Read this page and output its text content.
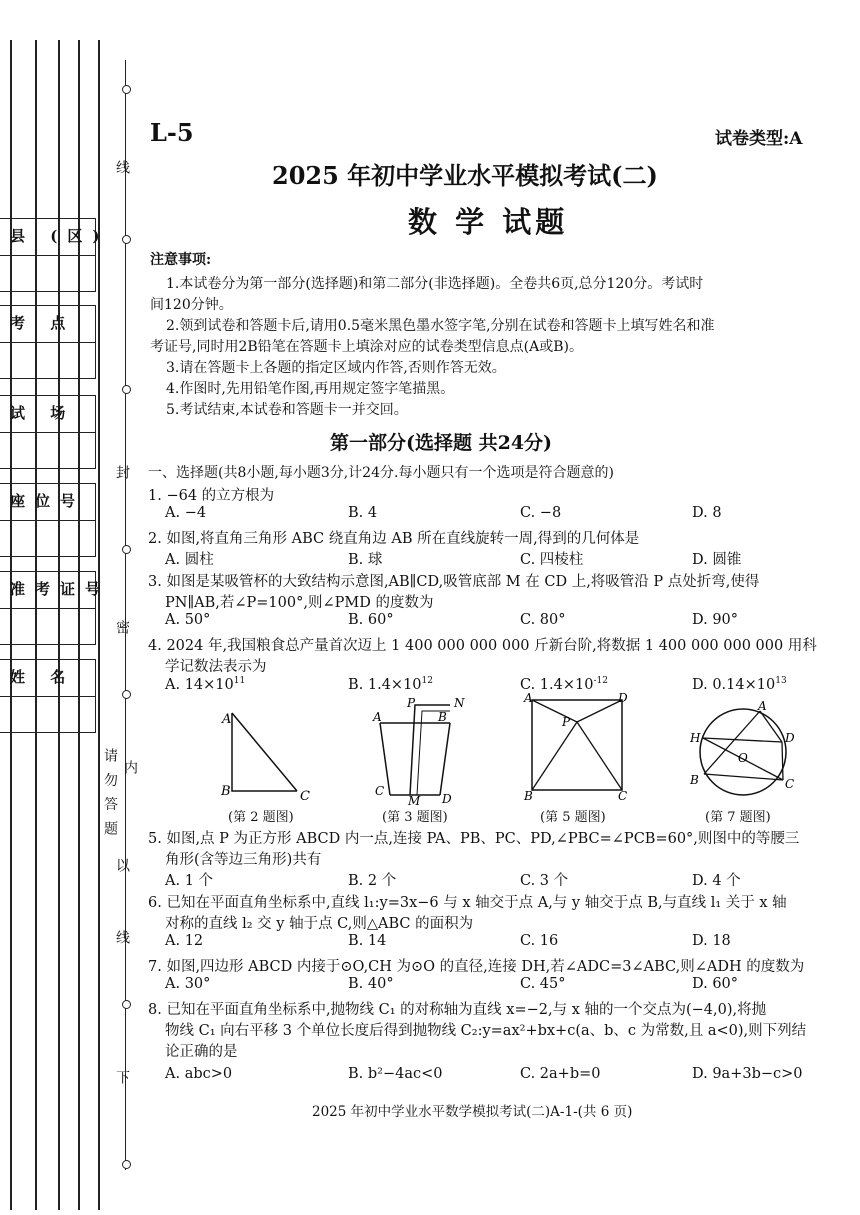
县 (区)
考 点
试 场
座位号
准考证号
姓 名
线
封
密
请 勿 答 题 内
以
线
下
L-5	试卷类型:A
2025 年初中学业水平模拟考试(二)
数 学 试题
注意事项:
1.本试卷分为第一部分(选择题)和第二部分(非选择题)。全卷共6页,总分120分。考试时
间120分钟。
2.领到试卷和答题卡后,请用0.5毫米黑色墨水签字笔,分别在试卷和答题卡上填写姓名和准
考证号,同时用2B铅笔在答题卡上填涂对应的试卷类型信息点(A或B)。
3.请在答题卡上各题的指定区域内作答,否则作答无效。
4.作图时,先用铅笔作图,再用规定签字笔描黑。
5.考试结束,本试卷和答题卡一并交回。
第一部分(选择题 共24分)
一、选择题(共8小题,每小题3分,计24分.每小题只有一个选项是符合题意的)
1. −64 的立方根为
A. −4	B. 4	C. −8	D. 8
2. 如图,将直角三角形 ABC 绕直角边 AB 所在直线旋转一周,得到的几何体是
A. 圆柱	B. 球	C. 四棱柱	D. 圆锥
3. 如图是某吸管杯的大致结构示意图,AB∥CD,吸管底部 M 在 CD 上,将吸管沿 P 点处折弯,使得
PN∥AB,若∠P=100°,则∠PMD 的度数为
A. 50°	B. 60°	C. 80°	D. 90°
4. 2024 年,我国粮食总产量首次迈上 1 400 000 000 000 斤新台阶,将数据 1 400 000 000 000 用科
学记数法表示为
A. $14\times 10^{11}$	B. $1.4\times 10^{12}$	C. $1.4\times 10^{-12}$	D. $0.14\times 10^{13}$
A
B	C
(第 2 题图)
A
P
B
N
C
M D
(第 3 题图)
A	D
P
B	C
(第 5 题图)
A
H	D
O
B	C
(第 7 题图)
5. 如图,点 P 为正方形 ABCD 内一点,连接 PA、PB、PC、PD,∠PBC=∠PCB=60°,则图中的等腰三
角形(含等边三角形)共有
A. 1 个	B. 2 个	C. 3 个	D. 4 个
6. 已知在平面直角坐标系中,直线 l₁:y=3x−6 与 x 轴交于点 A,与 y 轴交于点 B,与直线 l₁ 关于 x 轴
对称的直线 l₂ 交 y 轴于点 C,则△ABC 的面积为
A. 12	B. 14	C. 16	D. 18
7. 如图,四边形 ABCD 内接于⊙O,CH 为⊙O 的直径,连接 DH,若∠ADC=3∠ABC,则∠ADH 的度数为
A. 30°	B. 40°	C. 45°	D. 60°
8. 已知在平面直角坐标系中,抛物线 C₁ 的对称轴为直线 x=−2,与 x 轴的一个交点为(−4,0),将抛
物线 C₁ 向右平移 3 个单位长度后得到抛物线 C₂:y=ax²+bx+c(a、b、c 为常数,且 a<0),则下列结
论正确的是
A. abc>0	B. b²−4ac<0	C. 2a+b=0	D. 9a+3b−c>0
2025 年初中学业水平数学模拟考试(二)A-1-(共 6 页)
